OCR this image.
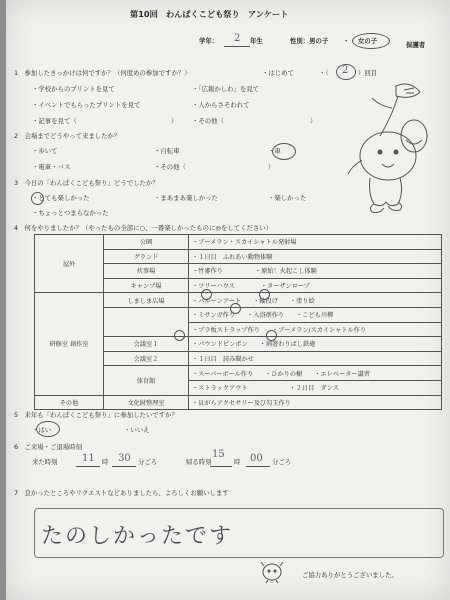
第10回　わんぱくこども祭り　アンケート
学年： 2 年生	性別：男の子 ・ 女の子	保護者
1　参加したきっかけは何ですか？（何度めの参加ですか？）	・はじめて	・（ 2 ）回目
・学校からのプリントを見て	・「広報かしわ」を見て
・イベントでもらったプリントを見て	・人からさそわれて
・記事を見て（	） ・その他（	）
2　会場までどうやって来ましたか？
・歩いて	・自転車	・車
・電車・バス	・その他（	）
3　今日の「わんぱくこども祭り」どうでしたか？
・とても楽しかった	・まあまあ楽しかった	・楽しかった
・ちょっとつまらなかった
4　何をやりましたか？（やったもの全部に○、一番楽しかったものに◎をしてください）
屋外	公園	・ブーメラン・スカイシャトル発射場
	グランド	・１日目　ふれあい動物体験
	炊事場	・竹審作り ・原始！火起こし体験
	キャンプ場	・ツリーハウス ・ターザンロープ
研修室 創作室	しましま広場	・バルーンアート ・輪投げ ・塗り絵
		・ミサンガ作り ・入浴剤作り ・こども川柳
		・プラ板ストラップ作り ・ブーメラン/スカイシャトル作り
	会議室１	・パウンドピンポン ・割箸わりばし鉄砲
	会議室２	・１日目　読み聞かせ
	体育館	・スーパーボール作り ・ひかりの樹 ・エレベーター講習
		・ストラックアウト ・２日目　ダンス
その他	文化財整理室	・貝がらアクセサリー及び勾玉作り
5　来年も「わんぱくこども祭り」に参加したいですか？
・はい	・いいえ
6　ご来場・ご退場時刻
来た時刻 11 時 30 分ごろ	帰る時刻
15
時 00 分ごろ
7　良かったところやリクエストなどありましたら、よろしくお願いします
たのしかったです
ご協力ありがとうございました。
